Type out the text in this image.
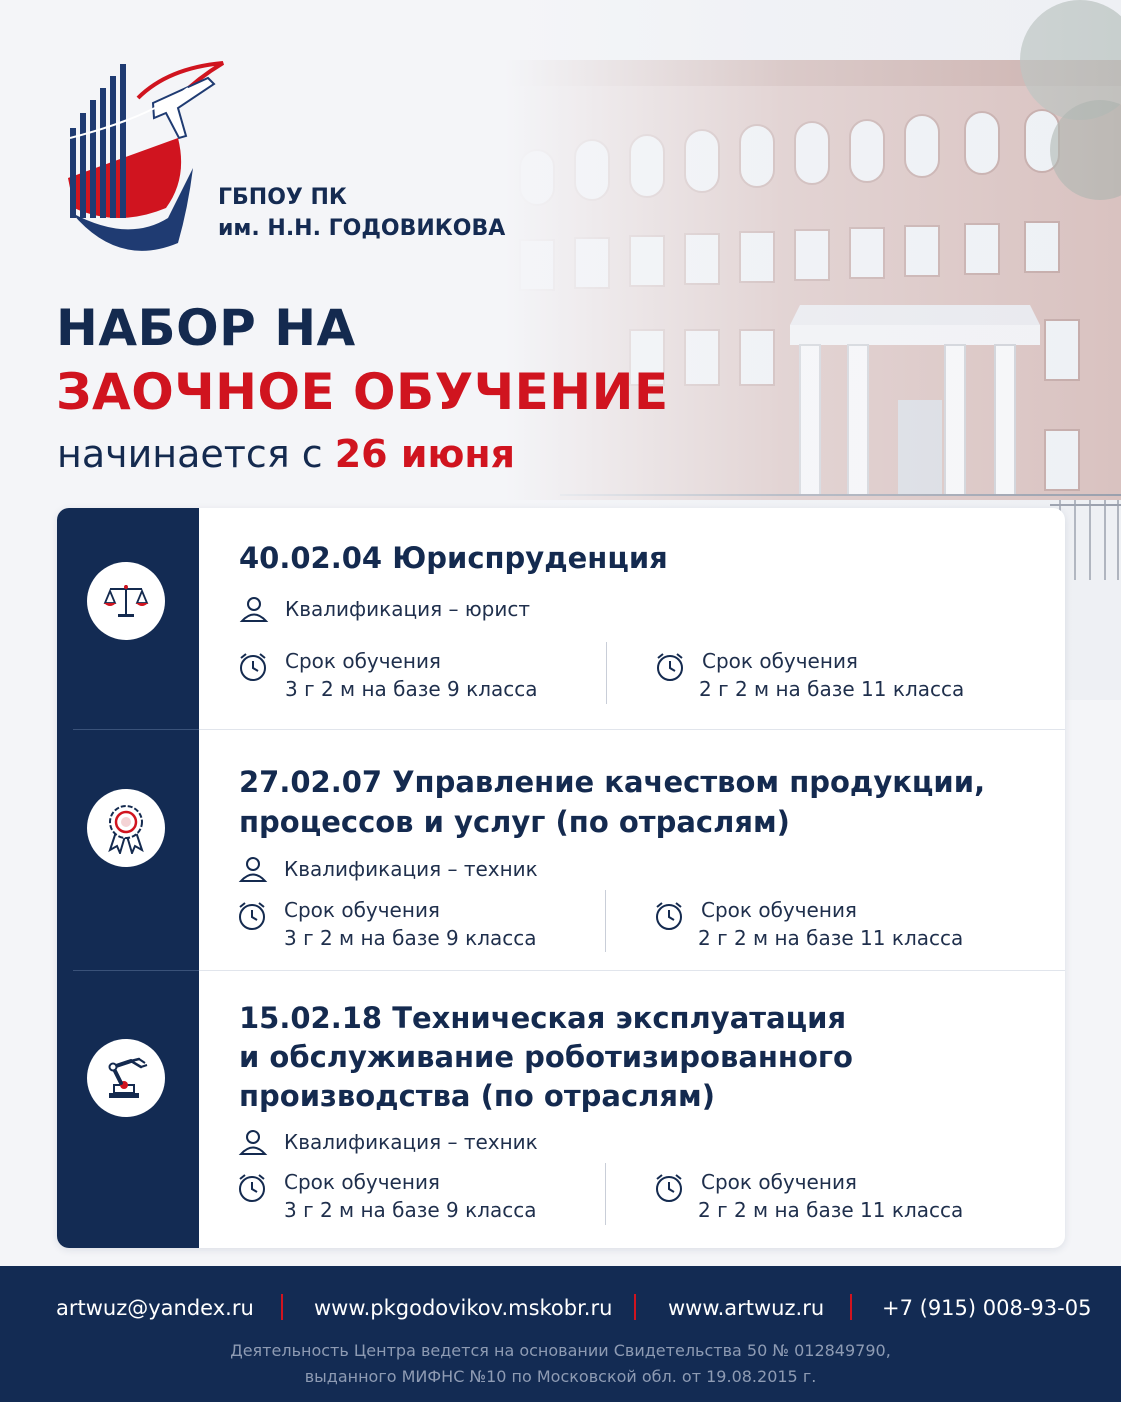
ГБПОУ ПК
им. Н.Н. ГОДОВИКОВА
НАБОР НА
ЗАОЧНОЕ ОБУЧЕНИЕ
начинается с 26 июня
40.02.04 Юриспруденция
Квалификация – юрист
Срок обучения
3 г 2 м на базе 9 класса
Срок обучения
2 г 2 м на базе 11 класса
27.02.07 Управление качеством продукции,
процессов и услуг (по отраслям)
Квалификация – техник
Срок обучения
3 г 2 м на базе 9 класса
Срок обучения
2 г 2 м на базе 11 класса
15.02.18 Техническая эксплуатация
и обслуживание роботизированного
производства (по отраслям)
Квалификация – техник
Срок обучения
3 г 2 м на базе 9 класса
Срок обучения
2 г 2 м на базе 11 класса
artwuz@yandex.ru	www.pkgodovikov.mskobr.ru	www.artwuz.ru	+7 (915) 008-93-05
Деятельность Центра ведется на основании Свидетельства 50 № 012849790,
выданного МИФНС №10 по Московской обл. от 19.08.2015 г.
